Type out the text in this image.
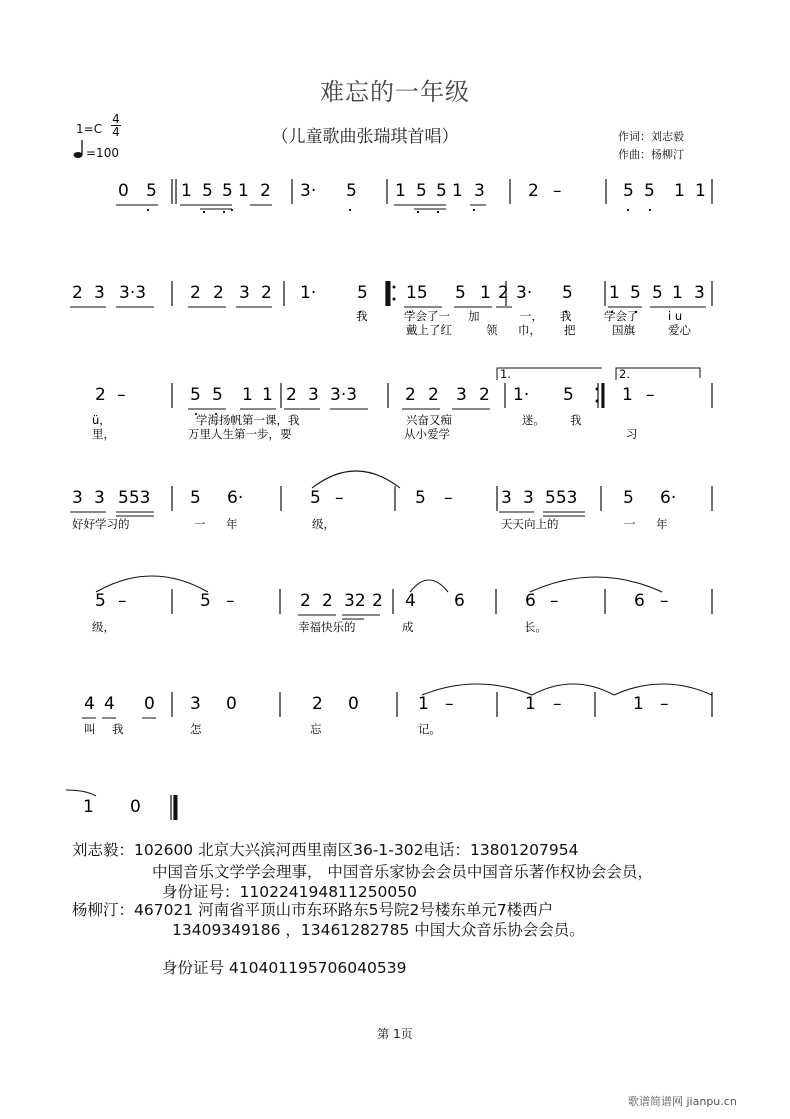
难忘的一年级
（儿童歌曲张瑞琪首唱）
1=C
4
4
=100
作词：刘志毅
作曲：杨柳汀
0 5 1 5 5 1 2 3· 5 1 5 5 1 3	2 –	5 5 1 1
2 3 3·3	2 2 3 2 1· 5 15 5 1 2 3· 5 1 5 5 1 3
2 –	5 5 1 1 2 3 3·3	2 2 3 2 1· 5	1 –
3 3 553 5 6·	5 –	5 –	3 3 553	5 6·
5 –	5 –	2 2 32 2 4 6	6 –	6 –
4 4 0 3 0	2 0	1 –	1 –	1 –
1 0
1.	2.
我	学会了一 加	一， 我	学会了	i u
戴上了红	领 巾， 把	国旗	爱心
ü，	学海扬帆第一课，我	兴奋又痴	迷。 我
里，	万里人生第一步，要	从小爱学	习
好好学习的	一 年	级，	天天向上的	一 年
级，	幸福快乐的	成	长。
叫 我	怎	忘	记。
刘志毅：102600 北京大兴滨河西里南区36-1-302电话：13801207954
中国音乐文学学会理事， 中国音乐家协会会员中国音乐著作权协会会员，
身份证号：110224194811250050
杨柳汀：467021 河南省平顶山市东环路东5号院2号楼东单元7楼西户
13409349186 ，13461282785 中国大众音乐协会会员。
身份证号 410401195706040539
第 1页
歌谱简谱网 jianpu.cn
